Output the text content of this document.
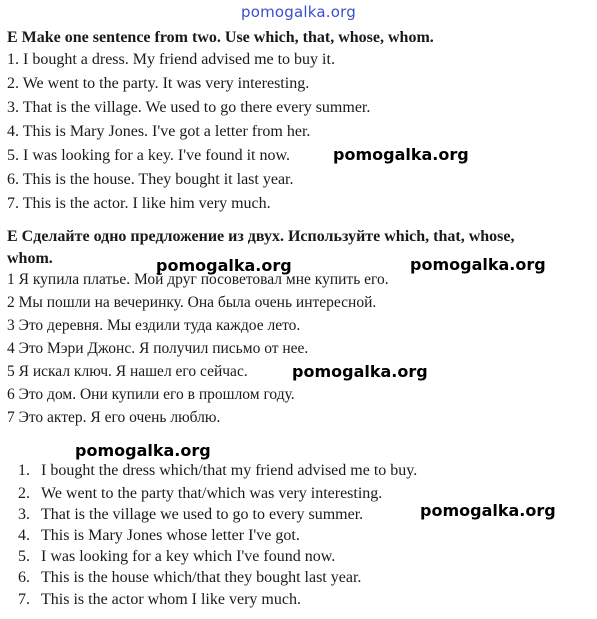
pomogalka.org
E Make one sentence from two. Use which, that, whose, whom.
1. I bought a dress. My friend advised me to buy it.
2. We went to the party. It was very interesting.
3. That is the village. We used to go there every summer.
4. This is Mary Jones. I've got a letter from her.
5. I was looking for a key. I've found it now.
6. This is the house. They bought it last year.
7. This is the actor. I like him very much.
pomogalka.org
E Сделайте одно предложение из двух. Используйте which, that, whose,
whom.
1 Я купила платье. Мой друг посоветовал мне купить его.
2 Мы пошли на вечеринку. Она была очень интересной.
3 Это деревня. Мы ездили туда каждое лето.
4 Это Мэри Джонс. Я получил письмо от нее.
5 Я искал ключ. Я нашел его сейчас.
6 Это дом. Они купили его в прошлом году.
7 Это актер. Я его очень люблю.
pomogalka.org	pomogalka.org
pomogalka.org
pomogalka.org
pomogalka.org
1. I bought the dress which/that my friend advised me to buy.
2. We went to the party that/which was very interesting.
3. That is the village we used to go to every summer.
4. This is Mary Jones whose letter I've got.
5. I was looking for a key which I've found now.
6. This is the house which/that they bought last year.
7. This is the actor whom I like very much.
